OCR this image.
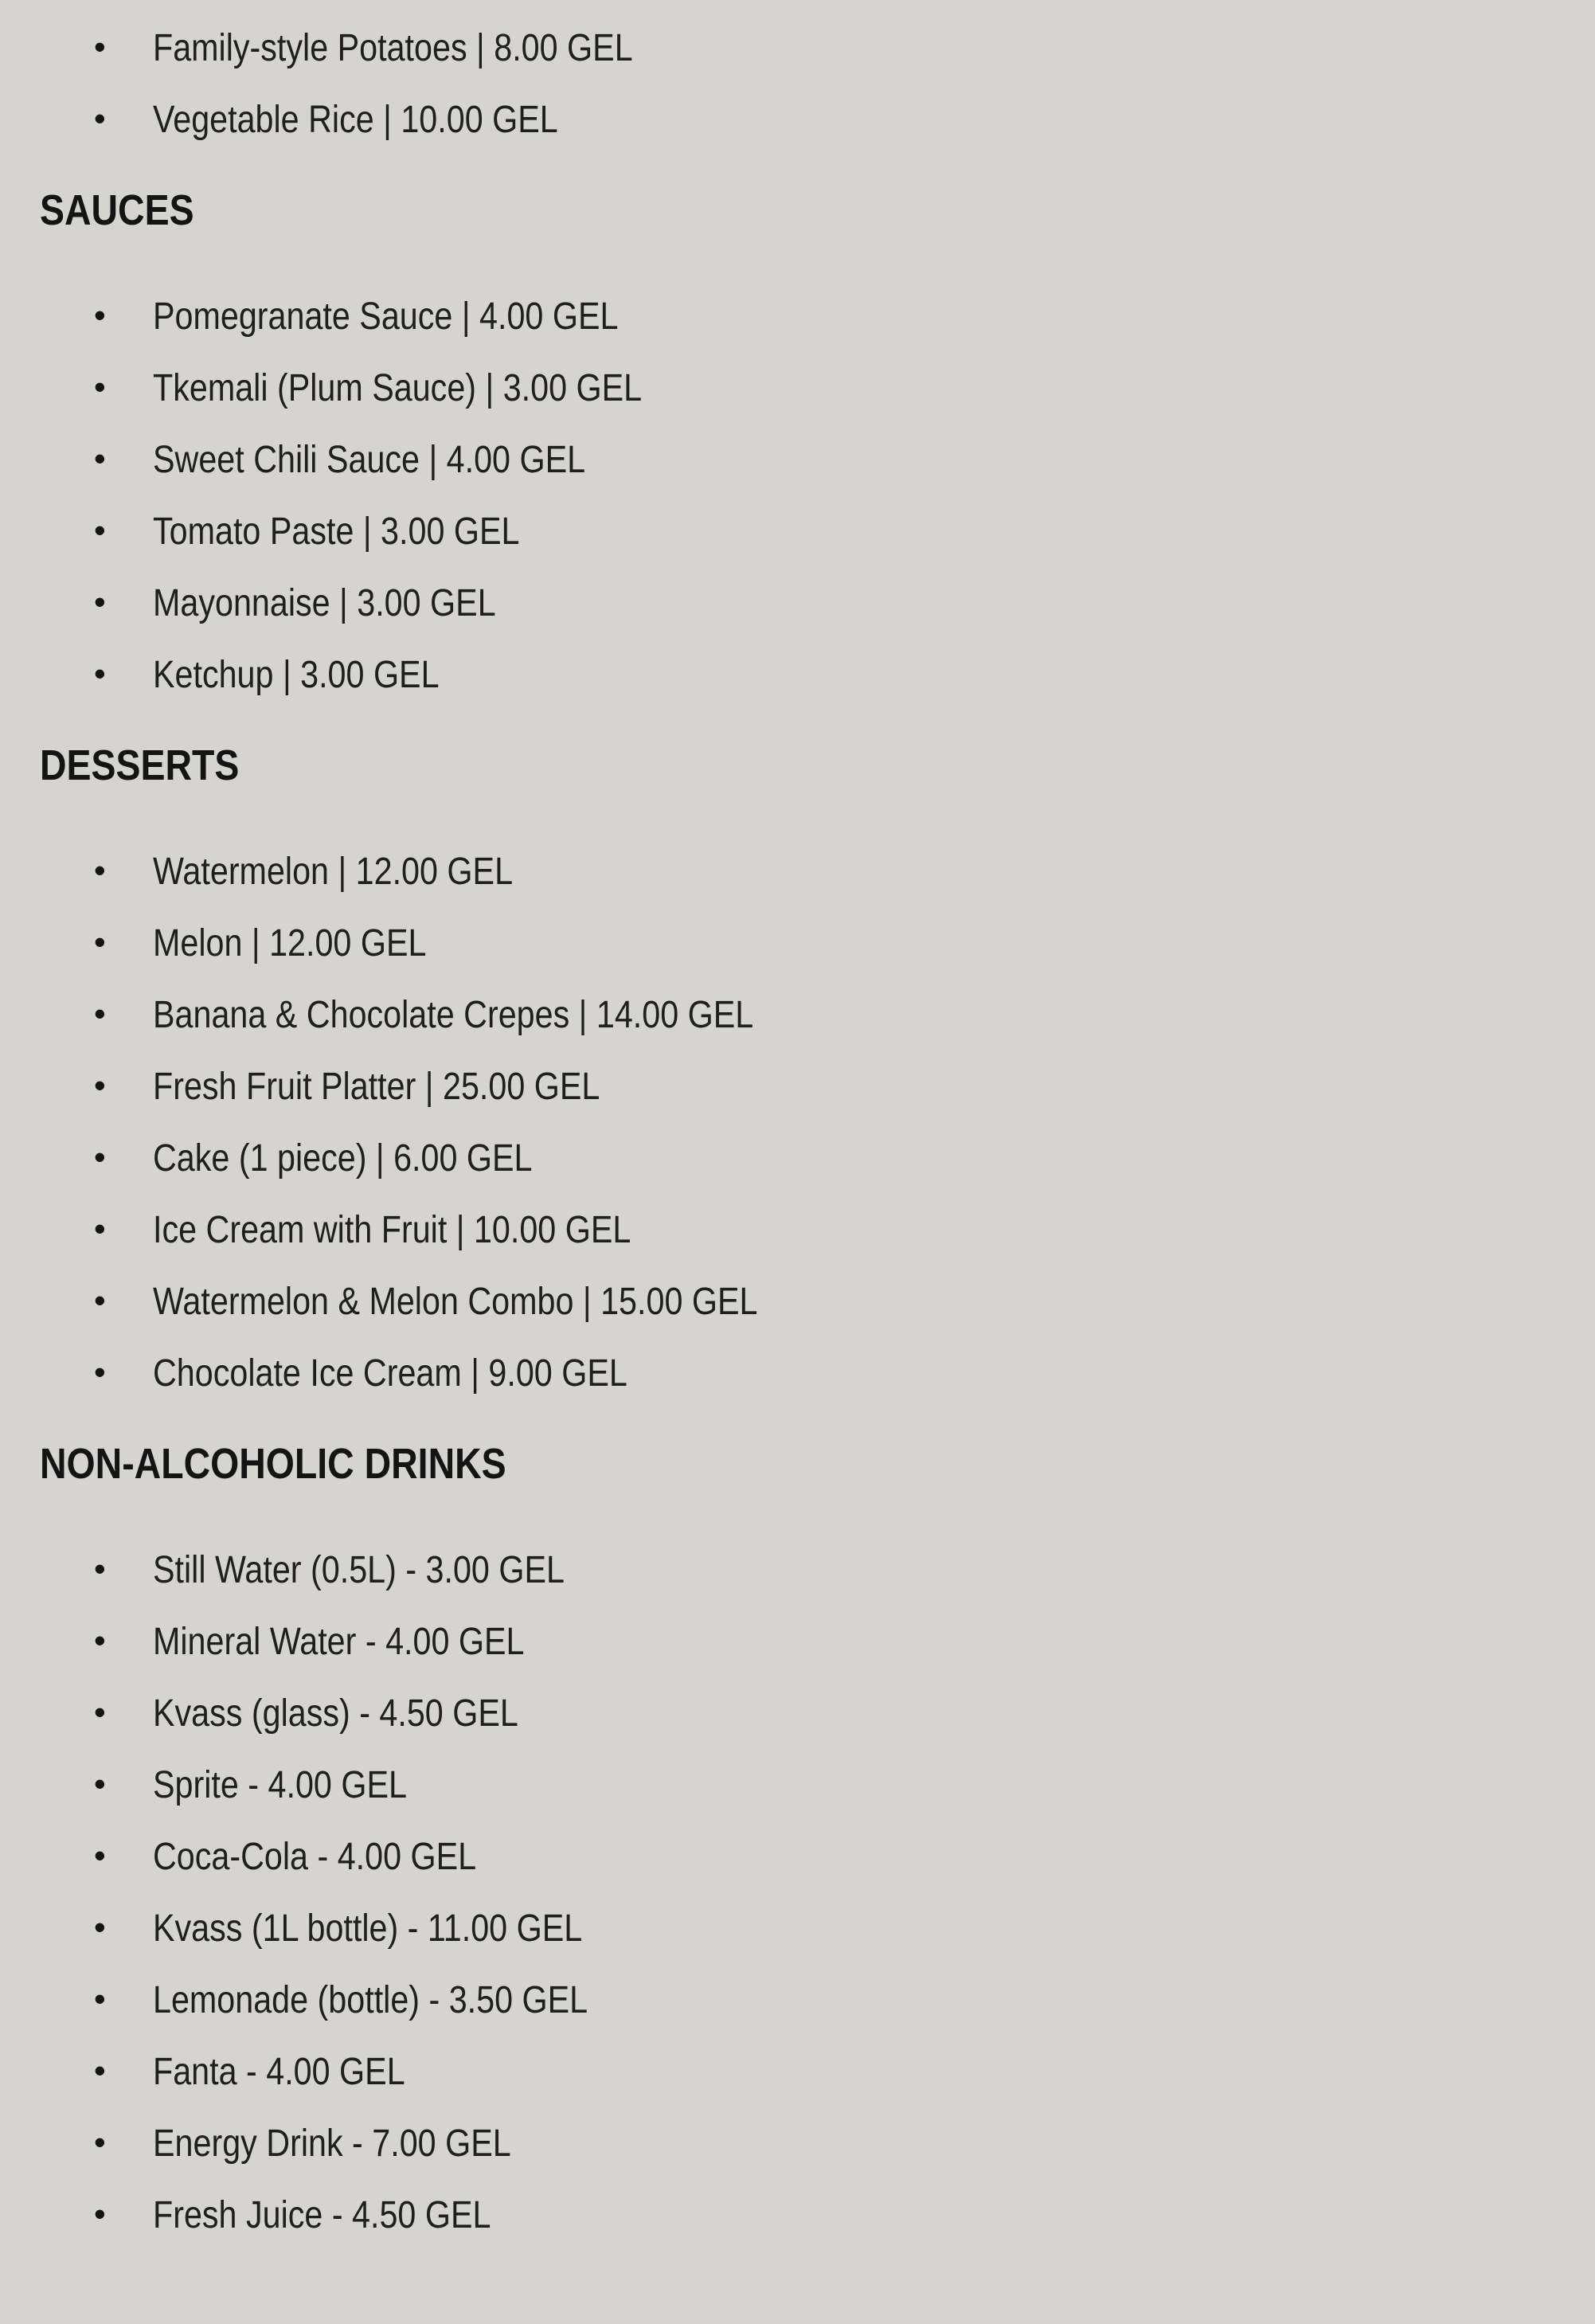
• Family-style Potatoes | 8.00 GEL
• Vegetable Rice | 10.00 GEL
SAUCES
• Pomegranate Sauce | 4.00 GEL
• Tkemali (Plum Sauce) | 3.00 GEL
• Sweet Chili Sauce | 4.00 GEL
• Tomato Paste | 3.00 GEL
• Mayonnaise | 3.00 GEL
• Ketchup | 3.00 GEL
DESSERTS
• Watermelon | 12.00 GEL
• Melon | 12.00 GEL
• Banana & Chocolate Crepes | 14.00 GEL
• Fresh Fruit Platter | 25.00 GEL
• Cake (1 piece) | 6.00 GEL
• Ice Cream with Fruit | 10.00 GEL
• Watermelon & Melon Combo | 15.00 GEL
• Chocolate Ice Cream | 9.00 GEL
NON-ALCOHOLIC DRINKS
• Still Water (0.5L) - 3.00 GEL
• Mineral Water - 4.00 GEL
• Kvass (glass) - 4.50 GEL
• Sprite - 4.00 GEL
• Coca-Cola - 4.00 GEL
• Kvass (1L bottle) - 11.00 GEL
• Lemonade (bottle) - 3.50 GEL
• Fanta - 4.00 GEL
• Energy Drink - 7.00 GEL
• Fresh Juice - 4.50 GEL
